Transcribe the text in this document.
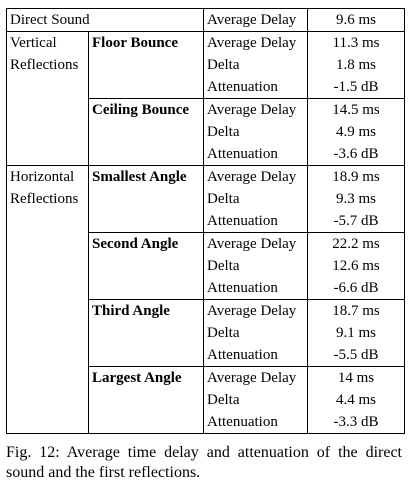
Direct Sound		Average Delay	9.6 ms
Vertical Reflections	Floor Bounce	Average Delay	11.3 ms
		Delta	1.8 ms
		Attenuation	-1.5 dB
	Ceiling Bounce	Average Delay	14.5 ms
		Delta	4.9 ms
		Attenuation	-3.6 dB
Horizontal Reflections	Smallest Angle	Average Delay	18.9 ms
		Delta	9.3 ms
		Attenuation	-5.7 dB
	Second Angle	Average Delay	22.2 ms
		Delta	12.6 ms
		Attenuation	-6.6 dB
	Third Angle	Average Delay	18.7 ms
		Delta	9.1 ms
		Attenuation	-5.5 dB
	Largest Angle	Average Delay	14 ms
		Delta	4.4 ms
		Attenuation	-3.3 dB
Fig. 12: Average time delay and attenuation of the direct sound and the first reflections.
